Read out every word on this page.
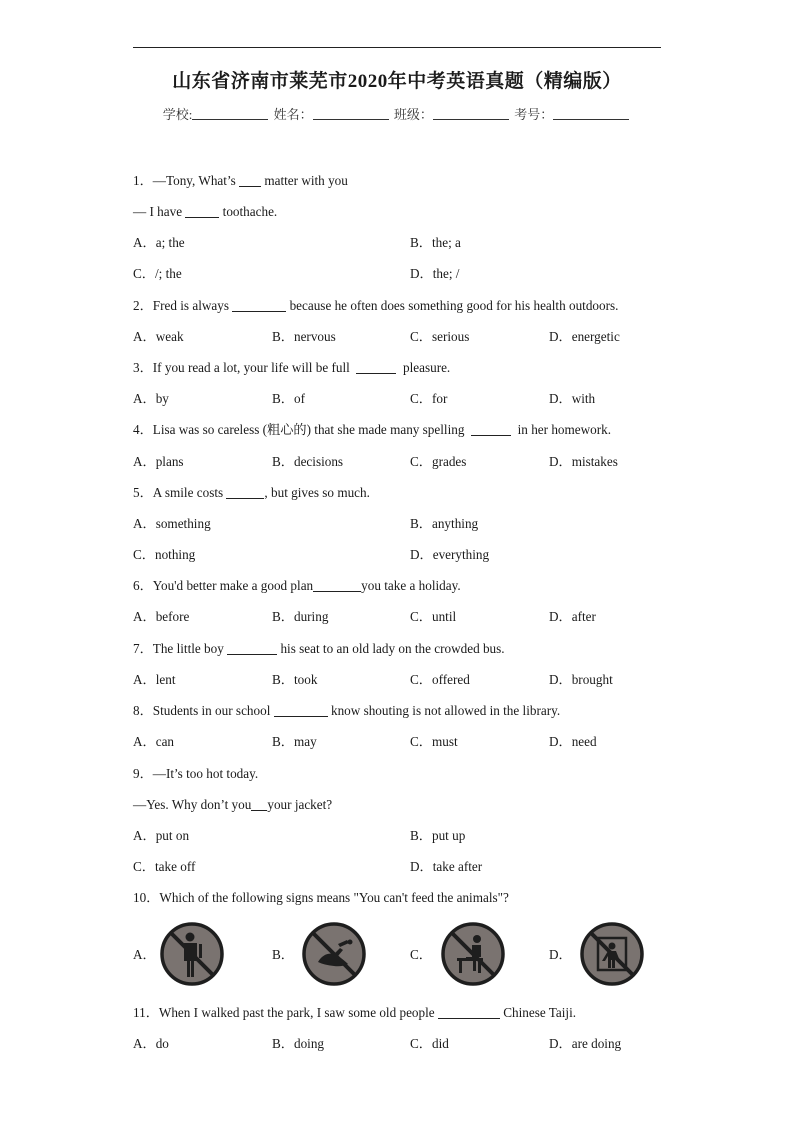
山东省济南市莱芜市2020年中考英语真题（精编版）
学校:	姓名：	班级：	考号：
1．—Tony, What’s matter with you
— I have	toothache.
A．a; the	B．the; a
C．/; the	D．the; /
2．Fred is always	because he often does something good for his health outdoors.
A．weak	B．nervous	C．serious	D．energetic
3．If you read a lot, your life will be full	pleasure.
A．by	B．of	C．for	D．with
4．Lisa was so careless (粗心的) that she made many spelling	in her homework.
A．plans	B．decisions	C．grades	D．mistakes
5．A smile costs	, but gives so much.
A．something	B．anything
C．nothing	D．everything
6．You'd better make a good plan	you take a holiday.
A．before	B．during	C．until	D．after
7．The little boy	his seat to an old lady on the crowded bus.
A．lent	B．took	C．offered	D．brought
8．Students in our school	know shouting is not allowed in the library.
A．can	B．may	C．must	D．need
9．—It’s too hot today.
—Yes. Why don’t you your jacket?
A．put on	B．put up
C．take off	D．take after
10．Which of the following signs means "You can't feed the animals"?
A．	B．	C．	D．
11．When I walked past the park, I saw some old people	Chinese Taiji.
A．do	B．doing	C．did	D．are doing
